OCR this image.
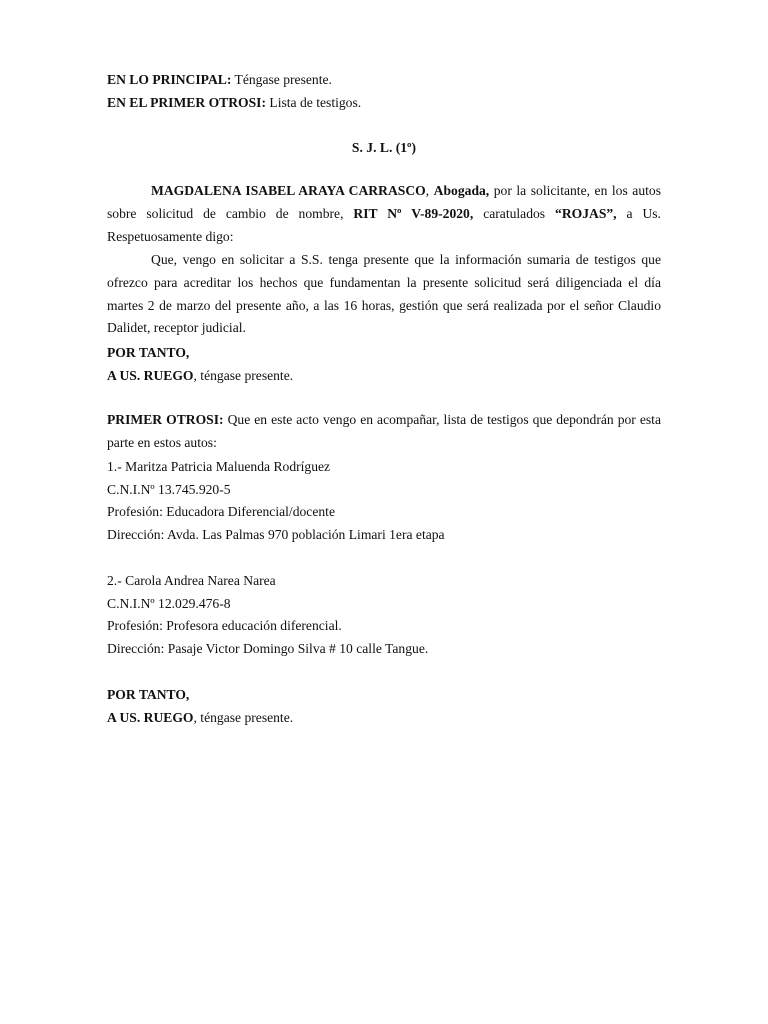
EN LO PRINCIPAL: Téngase presente.
EN EL PRIMER OTROSI: Lista de testigos.
S. J. L. (1º)
MAGDALENA ISABEL ARAYA CARRASCO, Abogada, por la solicitante, en los autos sobre solicitud de cambio de nombre, RIT Nº V-89-2020, caratulados “ROJAS”, a Us. Respetuosamente digo:
Que, vengo en solicitar a S.S. tenga presente que la información sumaria de testigos que ofrezco para acreditar los hechos que fundamentan la presente solicitud será diligenciada el día martes 2 de marzo del presente año, a las 16 horas, gestión que será realizada por el señor Claudio Dalidet, receptor judicial.
POR TANTO,
A US. RUEGO, téngase presente.
PRIMER OTROSI: Que en este acto vengo en acompañar, lista de testigos que depondrán por esta parte en estos autos:
1.- Maritza Patricia Maluenda Rodríguez
C.N.I.Nº 13.745.920-5
Profesión: Educadora Diferencial/docente
Dirección: Avda. Las Palmas 970 población Limari 1era etapa
2.- Carola Andrea Narea Narea
C.N.I.Nº 12.029.476-8
Profesión: Profesora educación diferencial.
Dirección: Pasaje Victor Domingo Silva # 10 calle Tangue.
POR TANTO,
A US. RUEGO, téngase presente.
